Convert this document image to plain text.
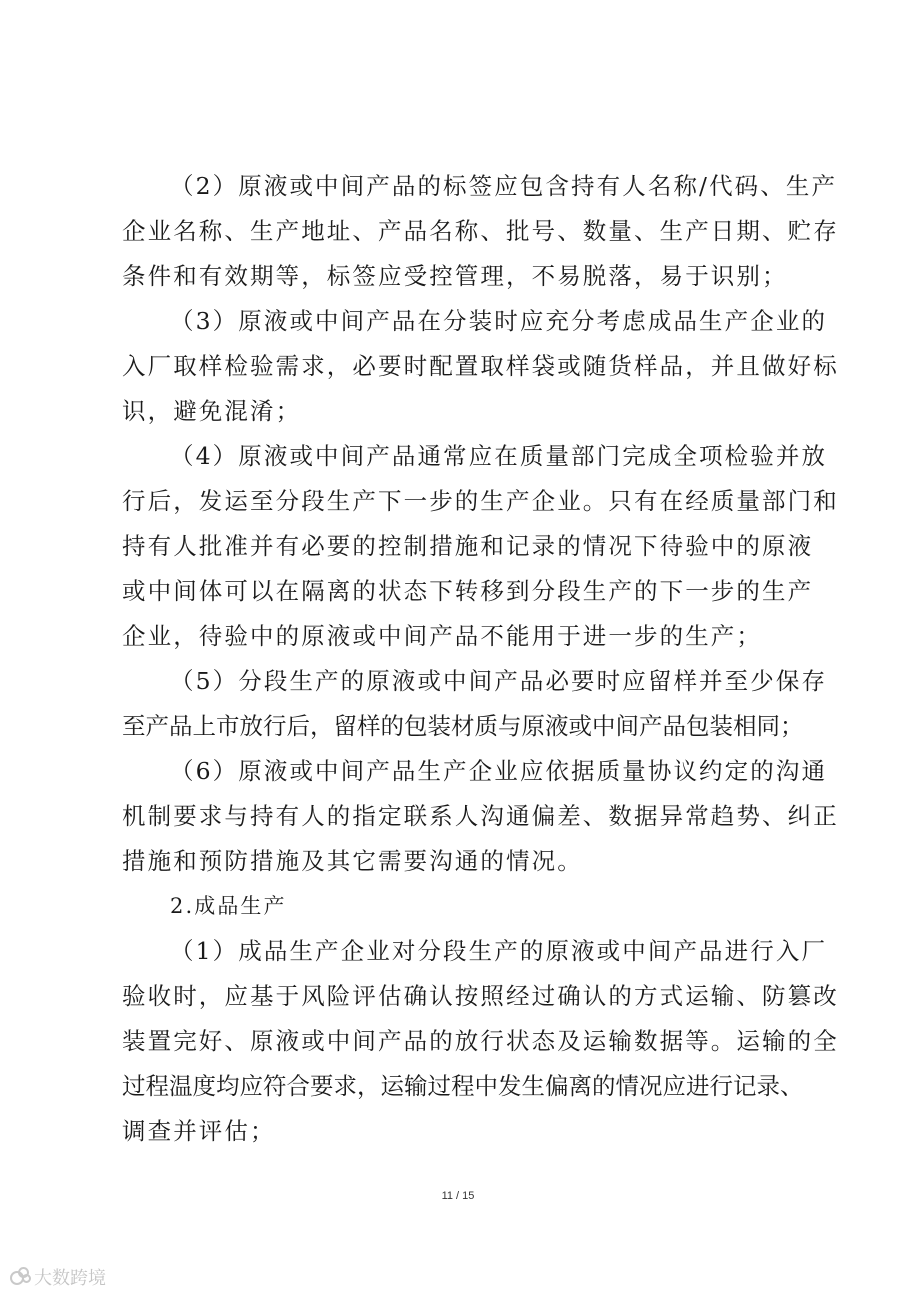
（2）原液或中间产品的标签应包含持有人名称/代码、生产
企业名称、生产地址、产品名称、批号、数量、生产日期、贮存
条件和有效期等，标签应受控管理，不易脱落，易于识别；
（3）原液或中间产品在分装时应充分考虑成品生产企业的
入厂取样检验需求，必要时配置取样袋或随货样品，并且做好标
识，避免混淆；
（4）原液或中间产品通常应在质量部门完成全项检验并放
行后，发运至分段生产下一步的生产企业。只有在经质量部门和
持有人批准并有必要的控制措施和记录的情况下待验中的原液
或中间体可以在隔离的状态下转移到分段生产的下一步的生产
企业，待验中的原液或中间产品不能用于进一步的生产；
（5）分段生产的原液或中间产品必要时应留样并至少保存
至产品上市放行后，留样的包装材质与原液或中间产品包装相同；
（6）原液或中间产品生产企业应依据质量协议约定的沟通
机制要求与持有人的指定联系人沟通偏差、数据异常趋势、纠正
措施和预防措施及其它需要沟通的情况。
2.成品生产
（1）成品生产企业对分段生产的原液或中间产品进行入厂
验收时，应基于风险评估确认按照经过确认的方式运输、防篡改
装置完好、原液或中间产品的放行状态及运输数据等。运输的全
过程温度均应符合要求，运输过程中发生偏离的情况应进行记录、
调查并评估；
11 / 15
大数跨境
